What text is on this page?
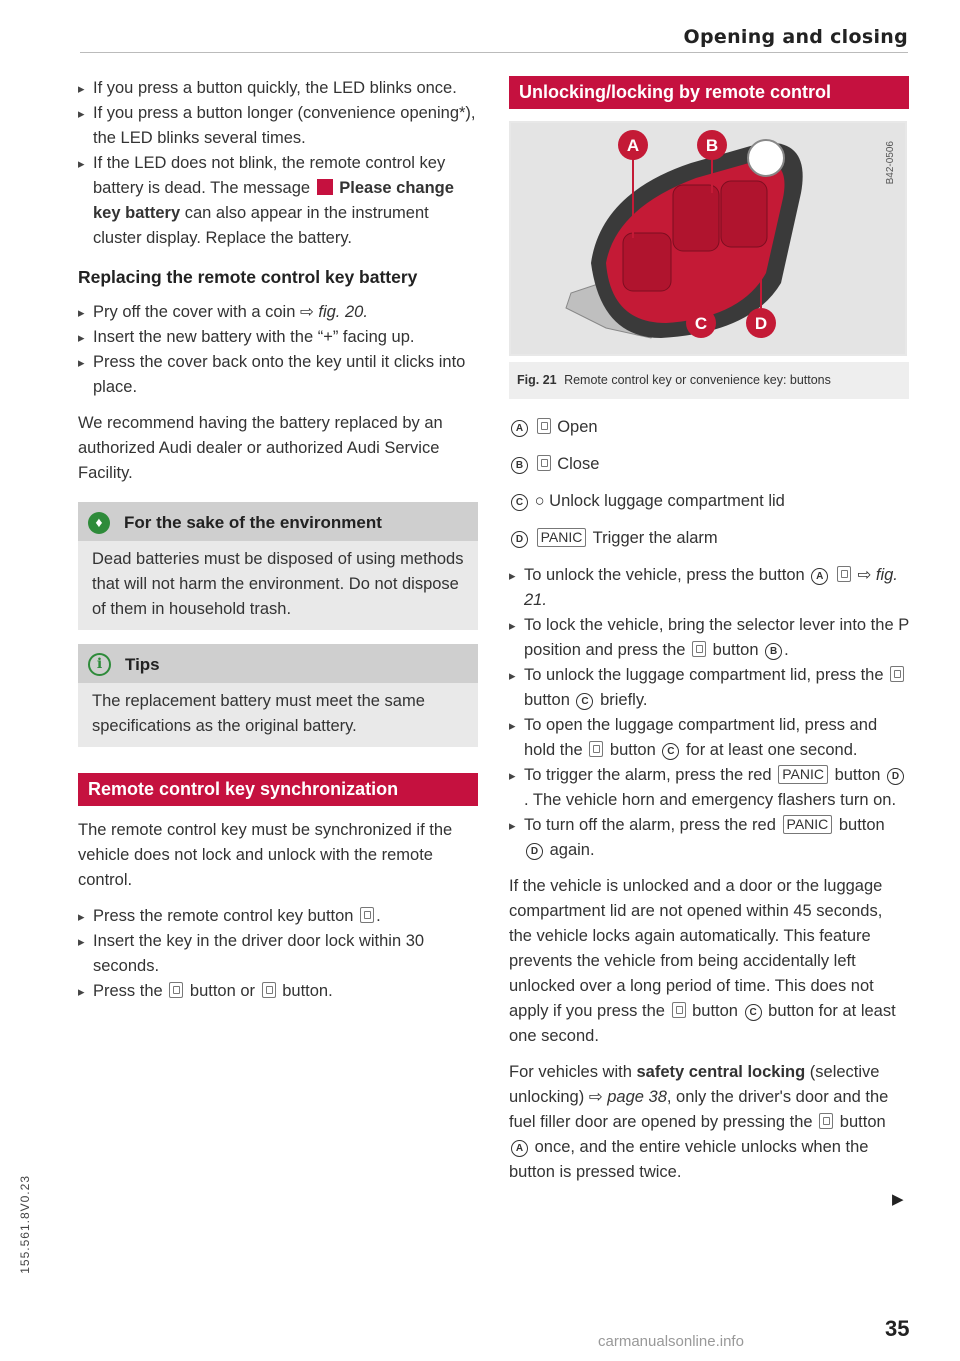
Opening and closing

▸ If you press a button quickly, the LED blinks once.

▸ If you press a button longer (convenience opening*), the LED blinks several times.

▸ If the LED does not blink, the remote control key battery is dead. The message Please change key battery can also appear in the instrument cluster display. Replace the battery.

Replacing the remote control key battery

▸ Pry off the cover with a coin ⇨ fig. 20.

▸ Insert the new battery with the “+” facing up.

▸ Press the cover back onto the key until it clicks into place.

We recommend having the battery replaced by an authorized Audi dealer or authorized Audi Service Facility.

♦	For the sake of the environment
Dead batteries must be disposed of using methods that will not harm the environment. Do not dispose of them in household trash.
i	Tips
The replacement battery must meet the same specifications as the original battery.
Remote control key synchronization

The remote control key must be synchronized if the vehicle does not lock and unlock with the remote control.

▸ Press the remote control key button .

▸ Insert the key in the driver door lock within 30 seconds.

▸ Press the button or button.

Unlocking/locking by remote control
A	B
C	D
B42-0506
Fig. 21 Remote control key or convenience key: buttons

A Open

B Close

C ○ Unlock luggage compartment lid

D PANIC Trigger the alarm

▸ To unlock the vehicle, press the button A ⇨ fig. 21.

▸ To lock the vehicle, bring the selector lever into the P position and press the button B .

▸ To unlock the luggage compartment lid, press the  button C briefly.

▸ To open the luggage compartment lid, press and hold the button C for at least one second.

▸ To trigger the alarm, press the red PANIC button D. The vehicle horn and emergency flashers turn on.

▸ To turn off the alarm, press the red PANIC button D again.

If the vehicle is unlocked and a door or the luggage compartment lid are not opened within 45 seconds, the vehicle locks again automatically. This feature prevents the vehicle from being accidentally left unlocked over a long period of time. This does not apply if you press the button C button for at least one second.

For vehicles with safety central locking (selective unlocking) ⇨ page 38, only the driver's door and the fuel filler door are opened by pressing the button A once, and the entire vehicle unlocks when the button is pressed twice.

▶
35
155.561.8V0.23
carmanualsonline.info
